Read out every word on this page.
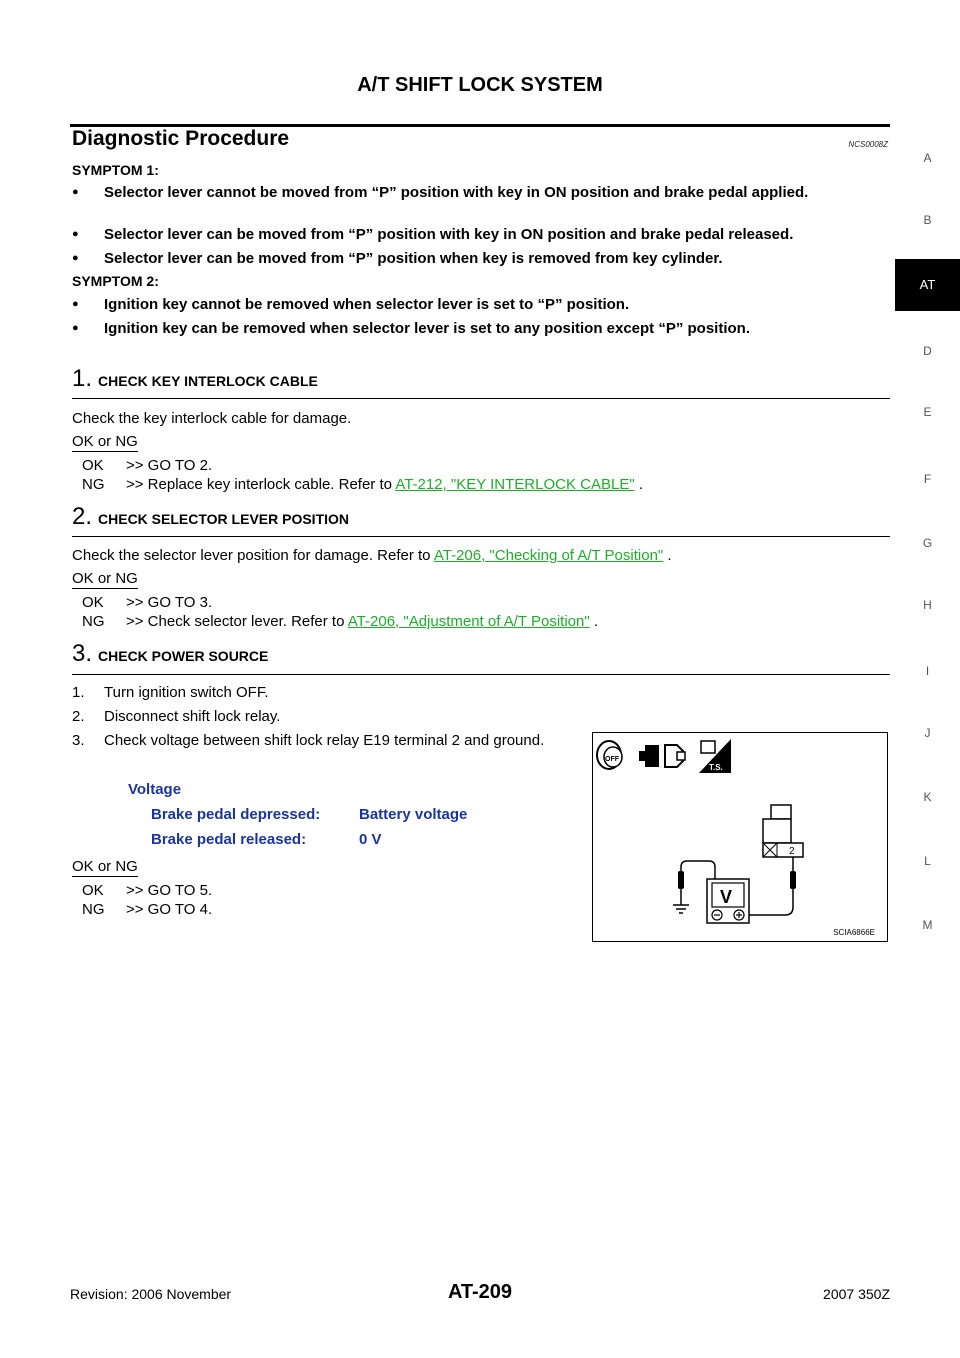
A/T SHIFT LOCK SYSTEM
Diagnostic Procedure	NCS0008Z
SYMPTOM 1:
● Selector lever cannot be moved from “P” position with key in ON position and brake pedal applied.
● Selector lever can be moved from “P” position with key in ON position and brake pedal released.
● Selector lever can be moved from “P” position when key is removed from key cylinder.
SYMPTOM 2:
● Ignition key cannot be removed when selector lever is set to “P” position.
● Ignition key can be removed when selector lever is set to any position except “P” position.
1. CHECK KEY INTERLOCK CABLE
Check the key interlock cable for damage.
OK or NG
OK >> GO TO 2.
NG >> Replace key interlock cable. Refer to AT-212, "KEY INTERLOCK CABLE" .
2. CHECK SELECTOR LEVER POSITION
Check the selector lever position for damage. Refer to AT-206, "Checking of A/T Position" .
OK or NG
OK >> GO TO 3.
NG >> Check selector lever. Refer to AT-206, "Adjustment of A/T Position" .
3. CHECK POWER SOURCE
1. Turn ignition switch OFF.
2. Disconnect shift lock relay.
3. Check voltage between shift lock relay E19 terminal 2 and ground.
Voltage
Brake pedal depressed:	Battery voltage
Brake pedal released:	0 V
OK or NG
OK >> GO TO 5.
NG >> GO TO 4.
OFF
T.S.
2
V
SCIA6866E
A
B
AT
D
E
F
G
H
I
J
K
L
M
Revision: 2006 November	AT-209	2007 350Z
